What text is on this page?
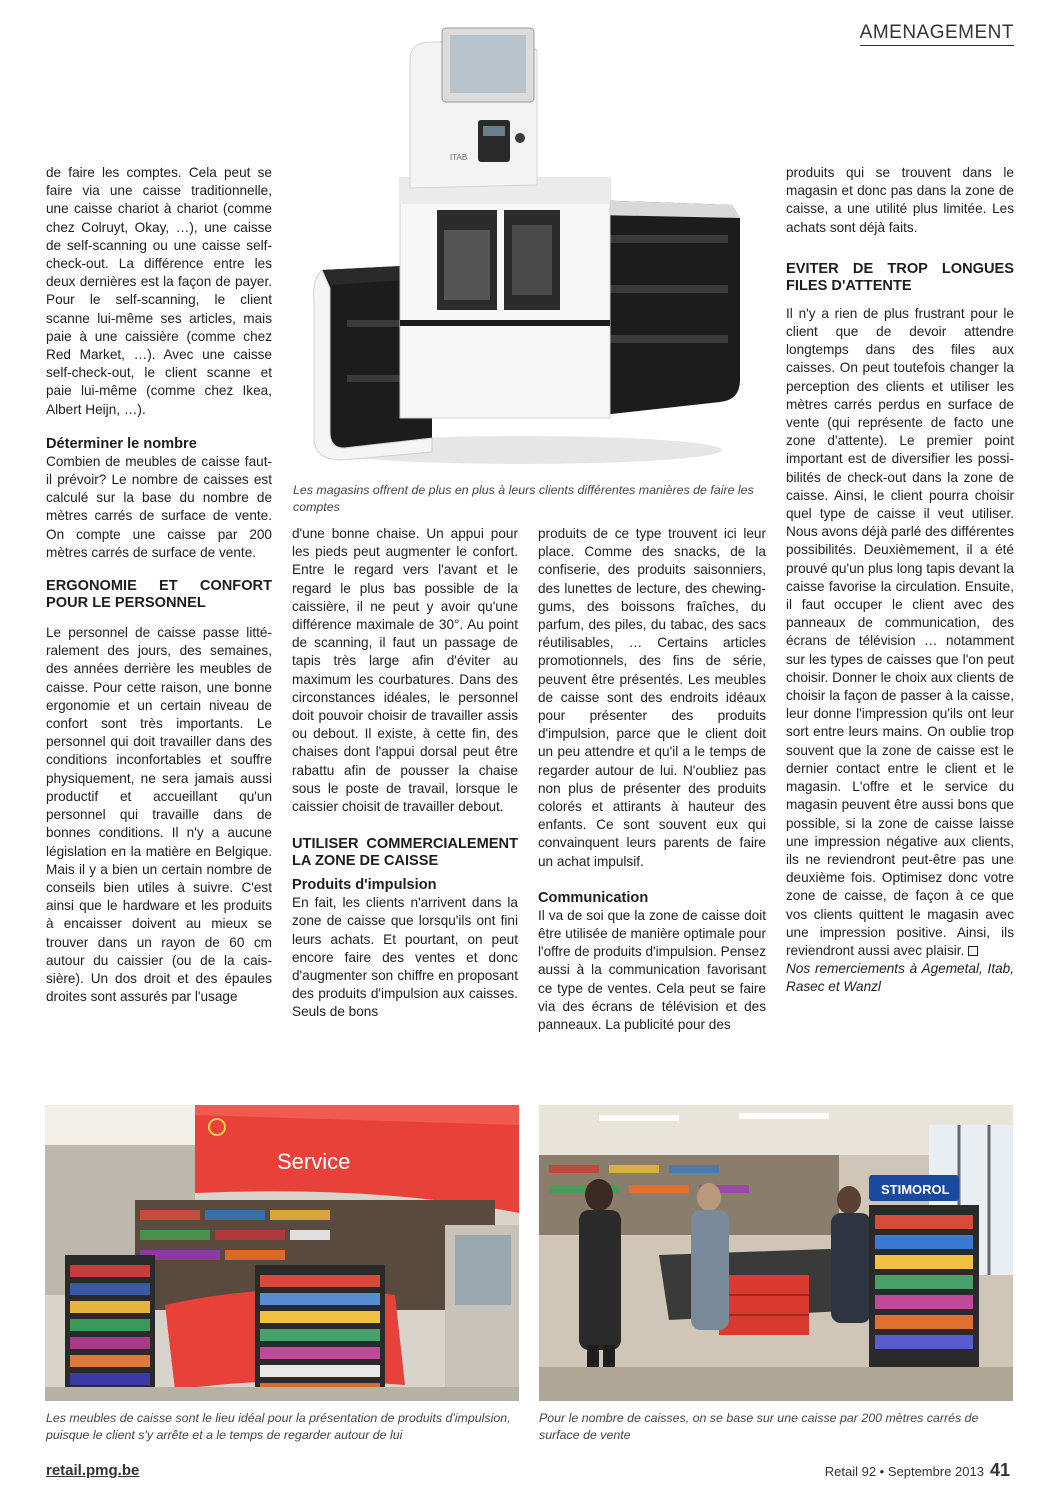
AMENAGEMENT
ITAB
Les magasins offrent de plus en plus à leurs clients différentes manières de faire les comptes

de faire les comptes. Cela peut se faire via une caisse traditionnelle, une caisse chariot à chariot (comme chez Colruyt, Okay, …), une caisse de self-scanning ou une caisse self-check-out. La différence entre les deux dernières est la façon de payer. Pour le self-scanning, le client scanne lui-même ses articles, mais paie à une caissière (comme chez Red Market, …). Avec une caisse self-check-out, le client scanne et paie lui-même (comme chez Ikea, Albert Heijn, …).

Déterminer le nombre

Combien de meubles de caisse faut-il prévoir? Le nombre de caisses est calculé sur la base du nombre de mètres carrés de surface de vente. On compte une caisse par 200 mètres carrés de surface de vente.

ERGONOMIE ET CONFORT POUR LE PERSONNEL

Le personnel de caisse passe littéralement des jours, des semaines, des années derrière les meubles de caisse. Pour cette raison, une bonne ergonomie et un certain niveau de confort sont très importants. Le personnel qui doit travailler dans des conditions inconfortables et souffre physiquement, ne sera jamais aussi productif et accueillant qu'un personnel qui travaille dans de bonnes conditions. Il n'y a aucune législation en la matière en Belgique. Mais il y a bien un certain nombre de conseils bien utiles à suivre. C'est ainsi que le hardware et les produits à encaisser doivent au mieux se trouver dans un rayon de 60 cm autour du caissier (ou de la caissière). Un dos droit et des épaules droites sont assurés par l'usage

d'une bonne chaise. Un appui pour les pieds peut augmenter le confort. Entre le regard vers l'avant et le regard le plus bas possible de la caissière, il ne peut y avoir qu'une différence maximale de 30°. Au point de scanning, il faut un passage de tapis très large afin d'éviter au maximum les courbatures. Dans des circonstances idéales, le personnel doit pouvoir choisir de travailler assis ou debout. Il existe, à cette fin, des chaises dont l'appui dorsal peut être rabattu afin de pousser la chaise sous le poste de travail, lorsque le caissier choisit de travailler debout.

UTILISER COMMERCIALEMENT LA ZONE DE CAISSE

Produits d'impulsion

En fait, les clients n'arrivent dans la zone de caisse que lorsqu'ils ont fini leurs achats. Et pourtant, on peut encore faire des ventes et donc d'augmenter son chiffre en proposant des produits d'impulsion aux caisses. Seuls de bons

produits de ce type trouvent ici leur place. Comme des snacks, de la confiserie, des produits saisonniers, des lunettes de lecture, des chewing-gums, des boissons fraîches, du parfum, des piles, du tabac, des sacs réutilisables, … Certains articles promotionnels, des fins de série, peuvent être présentés. Les meubles de caisse sont des endroits idéaux pour présenter des produits d'impulsion, parce que le client doit un peu attendre et qu'il a le temps de regarder autour de lui. N'oubliez pas non plus de présenter des produits colorés et attirants à hauteur des enfants. Ce sont souvent eux qui convainquent leurs parents de faire un achat impulsif.

Communication

Il va de soi que la zone de caisse doit être utilisée de manière optimale pour l'offre de produits d'impulsion. Pensez aussi à la communication favorisant ce type de ventes. Cela peut se faire via des écrans de télévision et des panneaux. La publicité pour des

produits qui se trouvent dans le magasin et donc pas dans la zone de caisse, a une utilité plus limitée. Les achats sont déjà faits.

EVITER DE TROP LONGUES FILES D'ATTENTE

Il n'y a rien de plus frustrant pour le client que de devoir attendre longtemps dans des files aux caisses. On peut toutefois changer la perception des clients et utiliser les mètres carrés perdus en surface de vente (qui représente de facto une zone d'attente). Le premier point important est de diversifier les possibilités de check-out dans la zone de caisse. Ainsi, le client pourra choisir quel type de caisse il veut utiliser. Nous avons déjà parlé des différentes possibilités. Deuxièmement, il a été prouvé qu'un plus long tapis devant la caisse favorise la circulation. Ensuite, il faut occuper le client avec des panneaux de communication, des écrans de télévision … notamment sur les types de caisses que l'on peut choisir. Donner le choix aux clients de choisir la façon de passer à la caisse, leur donne l'impression qu'ils ont leur sort entre leurs mains. On oublie trop souvent que la zone de caisse est le dernier contact entre le client et le magasin. L'offre et le service du magasin peuvent être aussi bons que possible, si la zone de caisse laisse une impression négative aux clients, ils ne reviendront peut-être pas une deuxième fois. Optimisez donc votre zone de caisse, de façon à ce que vos clients quittent le magasin avec une impression positive. Ainsi, ils reviendront aussi avec plaisir.

Nos remerciements à Agemetal, Itab, Rasec et Wanzl

Service
STIMOROL
Les meubles de caisse sont le lieu idéal pour la présentation de produits d'impulsion, puisque le client s'y arrête et a le temps de regarder autour de lui
Pour le nombre de caisses, on se base sur une caisse par 200 mètres carrés de surface de vente
retail.pmg.be	Retail 92 • Septembre 2013 41
